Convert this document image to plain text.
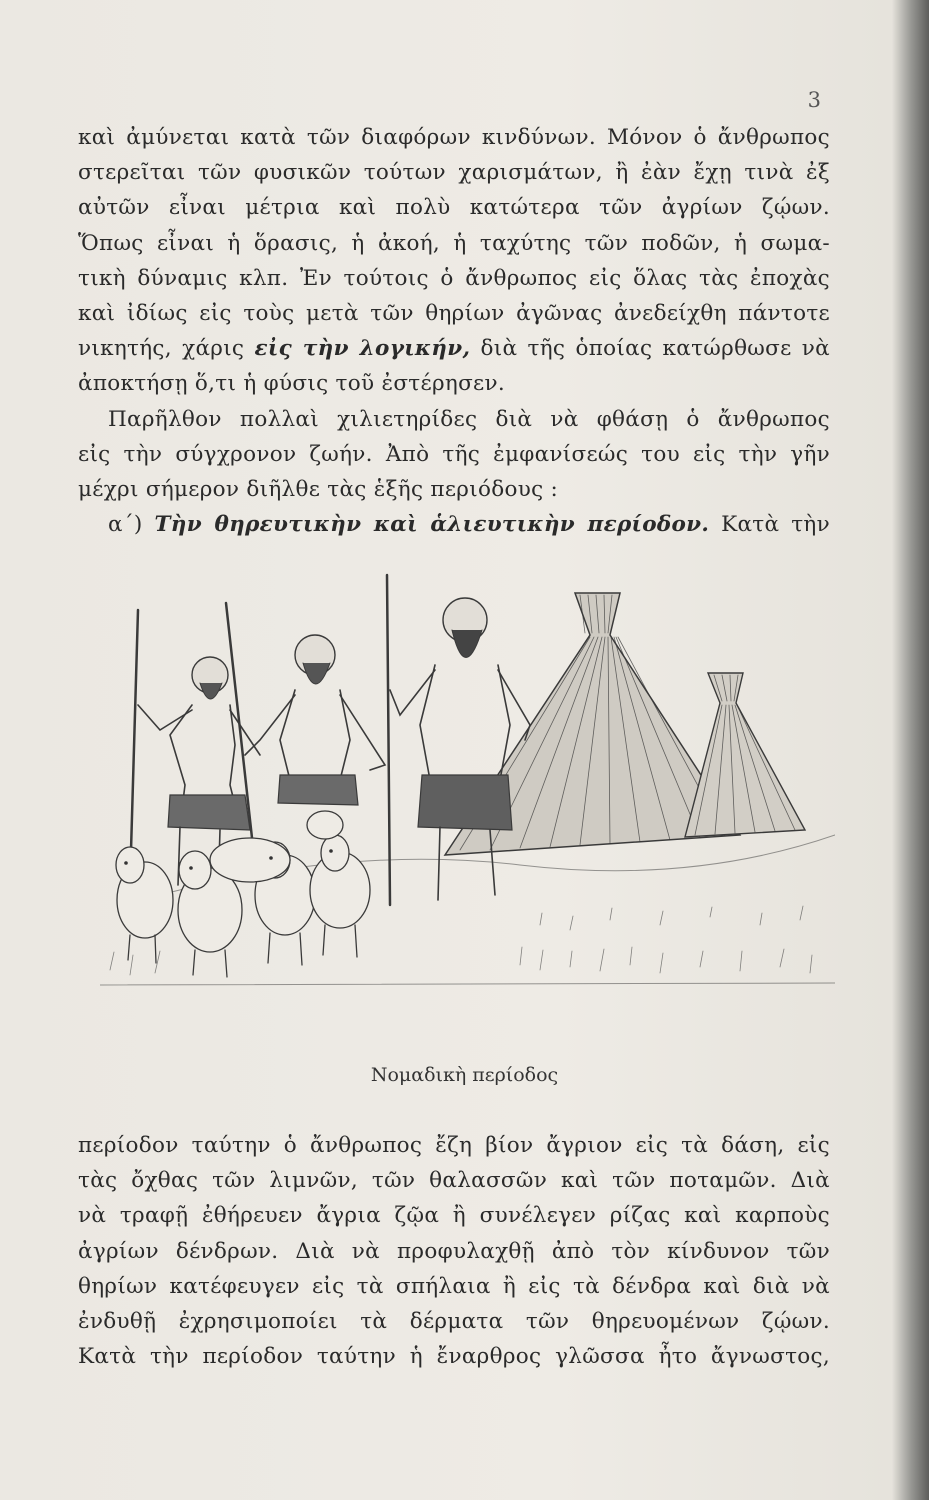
3
καὶ ἀμύνεται κατὰ τῶν διαφόρων κινδύνων. Μόνον ὁ ἄνθρωπος
στερεῖται τῶν φυσικῶν τούτων χαρισμάτων, ἢ ἐὰν ἔχῃ τινὰ ἐξ
αὐτῶν εἶναι μέτρια καὶ πολὺ κατώτερα τῶν ἀγρίων ζῴων.
Ὅπως εἶναι ἡ ὅρασις, ἡ ἀκοή, ἡ ταχύτης τῶν ποδῶν, ἡ σωμα-
τικὴ δύναμις κλπ. Ἐν τούτοις ὁ ἄνθρωπος εἰς ὅλας τὰς ἐποχὰς
καὶ ἰδίως εἰς τοὺς μετὰ τῶν θηρίων ἀγῶνας ἀνεδείχθη πάντοτε
νικητής, χάρις εἰς τὴν λογικήν, διὰ τῆς ὁποίας κατώρθωσε νὰ
ἀποκτήσῃ ὅ,τι ἡ φύσις τοῦ ἐστέρησεν.
Παρῆλθον πολλαὶ χιλιετηρίδες διὰ νὰ φθάσῃ ὁ ἄνθρωπος
εἰς τὴν σύγχρονον ζωήν. Ἀπὸ τῆς ἐμφανίσεώς του εἰς τὴν γῆν
μέχρι σήμερον διῆλθε τὰς ἑξῆς περιόδους :
α΄) Τὴν θηρευτικὴν καὶ ἁλιευτικὴν περίοδον. Κατὰ τὴν
Νομαδικὴ περίοδος
περίοδον ταύτην ὁ ἄνθρωπος ἔζη βίον ἄγριον εἰς τὰ δάση, εἰς
τὰς ὄχθας τῶν λιμνῶν, τῶν θαλασσῶν καὶ τῶν ποταμῶν. Διὰ
νὰ τραφῇ ἐθήρευεν ἄγρια ζῷα ἢ συνέλεγεν ρίζας καὶ καρποὺς
ἀγρίων δένδρων. Διὰ νὰ προφυλαχθῇ ἀπὸ τὸν κίνδυνον τῶν
θηρίων κατέφευγεν εἰς τὰ σπήλαια ἢ εἰς τὰ δένδρα καὶ διὰ νὰ
ἐνδυθῇ ἐχρησιμοποίει τὰ δέρματα τῶν θηρευομένων ζῴων.
Κατὰ τὴν περίοδον ταύτην ἡ ἔναρθρος γλῶσσα ἦτο ἄγνωστος,
